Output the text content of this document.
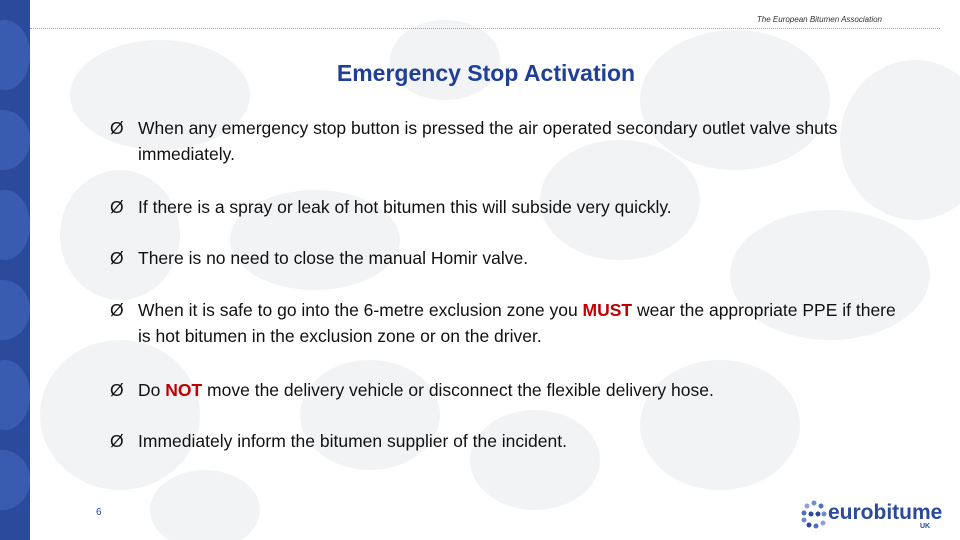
The European Bitumen Association
Emergency Stop Activation
Ø When any emergency stop button is pressed the air operated secondary outlet valve shuts immediately.
Ø If there is a spray or leak of hot bitumen this will subside very quickly.
Ø There is no need to close the manual Homir valve.
Ø When it is safe to go into the 6-metre exclusion zone you MUST wear the appropriate PPE if there is hot bitumen in the exclusion zone or on the driver.
Ø Do NOT move the delivery vehicle or disconnect the flexible delivery hose.
Ø Immediately inform the bitumen supplier of the incident.
6	eurobitume
UK
